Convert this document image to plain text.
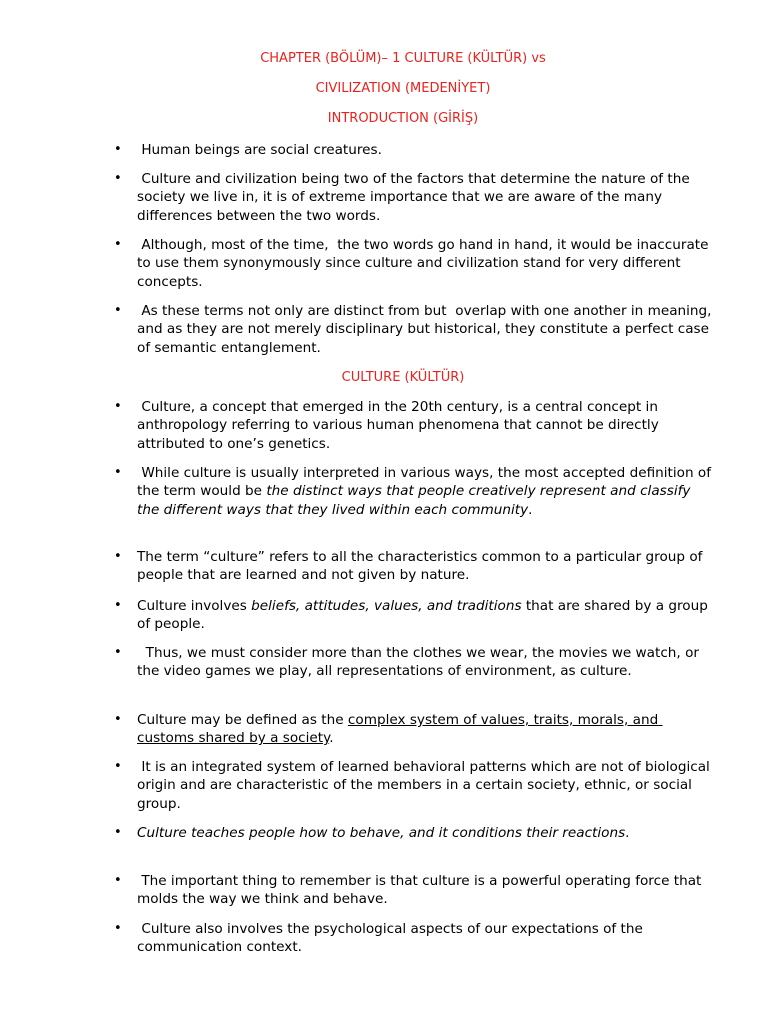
CHAPTER (BÖLÜM)– 1 CULTURE (KÜLTÜR) vs

CIVILIZATION (MEDENİYET)

INTRODUCTION (GİRİŞ)

•	Human beings are social creatures.
•	Culture and civilization being two of the factors that determine the nature of the society we live in, it is of extreme importance that we are aware of the many differences between the two words.
•	Although, most of the time,  the two words go hand in hand, it would be inaccurate to use them synonymously since culture and civilization stand for very different concepts.
•	As these terms not only are distinct from but  overlap with one another in meaning, and as they are not merely disciplinary but historical, they constitute a perfect case of semantic entanglement.

CULTURE (KÜLTÜR)

•	Culture, a concept that emerged in the 20th century, is a central concept in anthropology referring to various human phenomena that cannot be directly attributed to one’s genetics.
•	While culture is usually interpreted in various ways, the most accepted definition of the term would be the distinct ways that people creatively represent and classify the different ways that they lived within each community.
•	The term “culture” refers to all the characteristics common to a particular group of people that are learned and not given by nature.
•	Culture involves beliefs, attitudes, values, and traditions that are shared by a group of people.
•	Thus, we must consider more than the clothes we wear, the movies we watch, or the video games we play, all representations of environment, as culture.
•	Culture may be defined as the complex system of values, traits, morals, and customs shared by a society.
•	It is an integrated system of learned behavioral patterns which are not of biological origin and are characteristic of the members in a certain society, ethnic, or social group.
•	Culture teaches people how to behave, and it conditions their reactions.
•	The important thing to remember is that culture is a powerful operating force that molds the way we think and behave.
•	Culture also involves the psychological aspects of our expectations of the communication context.
